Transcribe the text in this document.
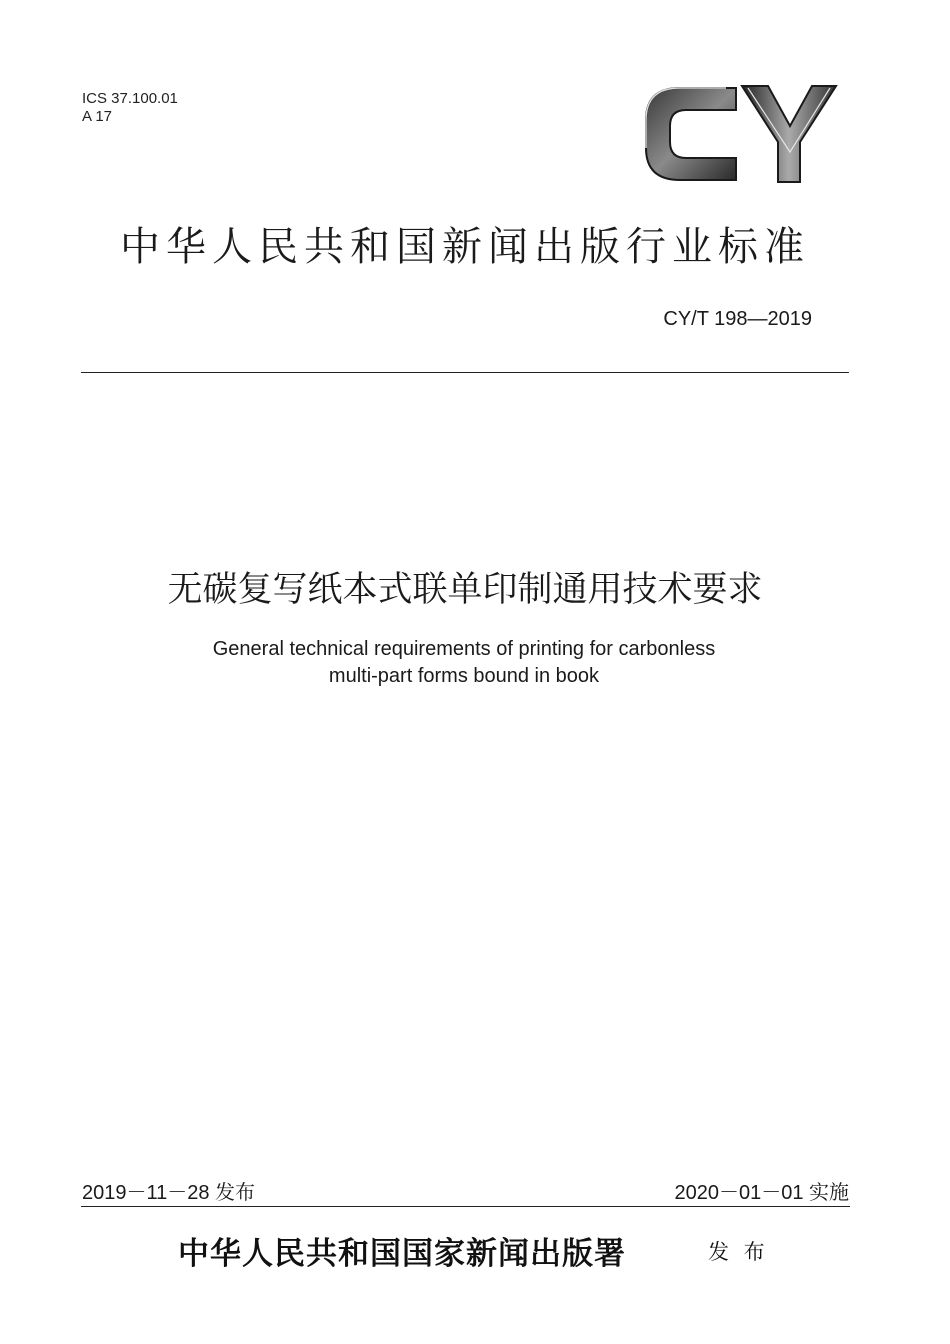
ICS 37.100.01
A 17
中华人民共和国新闻出版行业标准
CY/T 198—2019
无碳复写纸本式联单印制通用技术要求
General technical requirements of printing for carbonless
multi-part forms bound in book
2019－11－28 发布	2020－01－01 实施
中华人民共和国国家新闻出版署	发 布
